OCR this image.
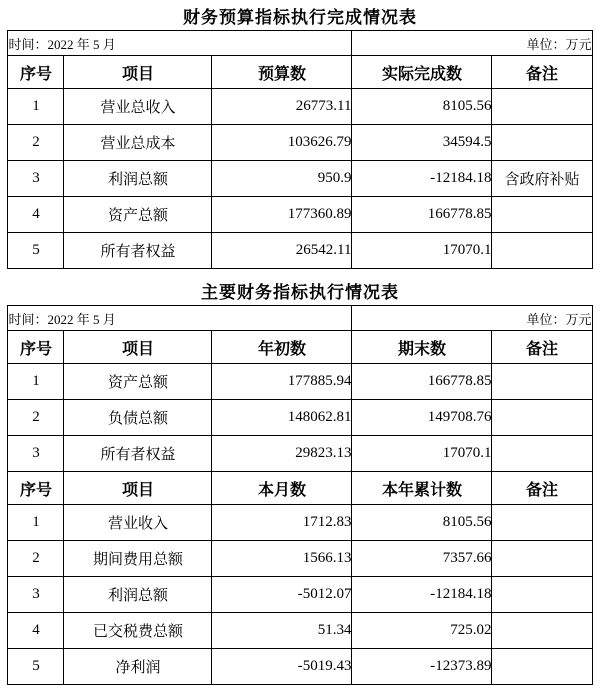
财务预算指标执行完成情况表				
时间：2022 年 5 月			单位：万元	
序号	项目	预算数	实际完成数	备注
1	营业总收入	26773.11	8105.56	
2	营业总成本	103626.79	34594.5	
3	利润总额	950.9	-12184.18	含政府补贴
4	资产总额	177360.89	166778.85	
5	所有者权益	26542.11	17070.1	
主要财务指标执行情况表				
时间：2022 年 5 月			单位：万元	
序号	项目	年初数	期末数	备注
1	资产总额	177885.94	166778.85	
2	负债总额	148062.81	149708.76	
3	所有者权益	29823.13	17070.1	
序号	项目	本月数	本年累计数	备注
1	营业收入	1712.83	8105.56	
2	期间费用总额	1566.13	7357.66	
3	利润总额	-5012.07	-12184.18	
4	已交税费总额	51.34	725.02	
5	净利润	-5019.43	-12373.89	
